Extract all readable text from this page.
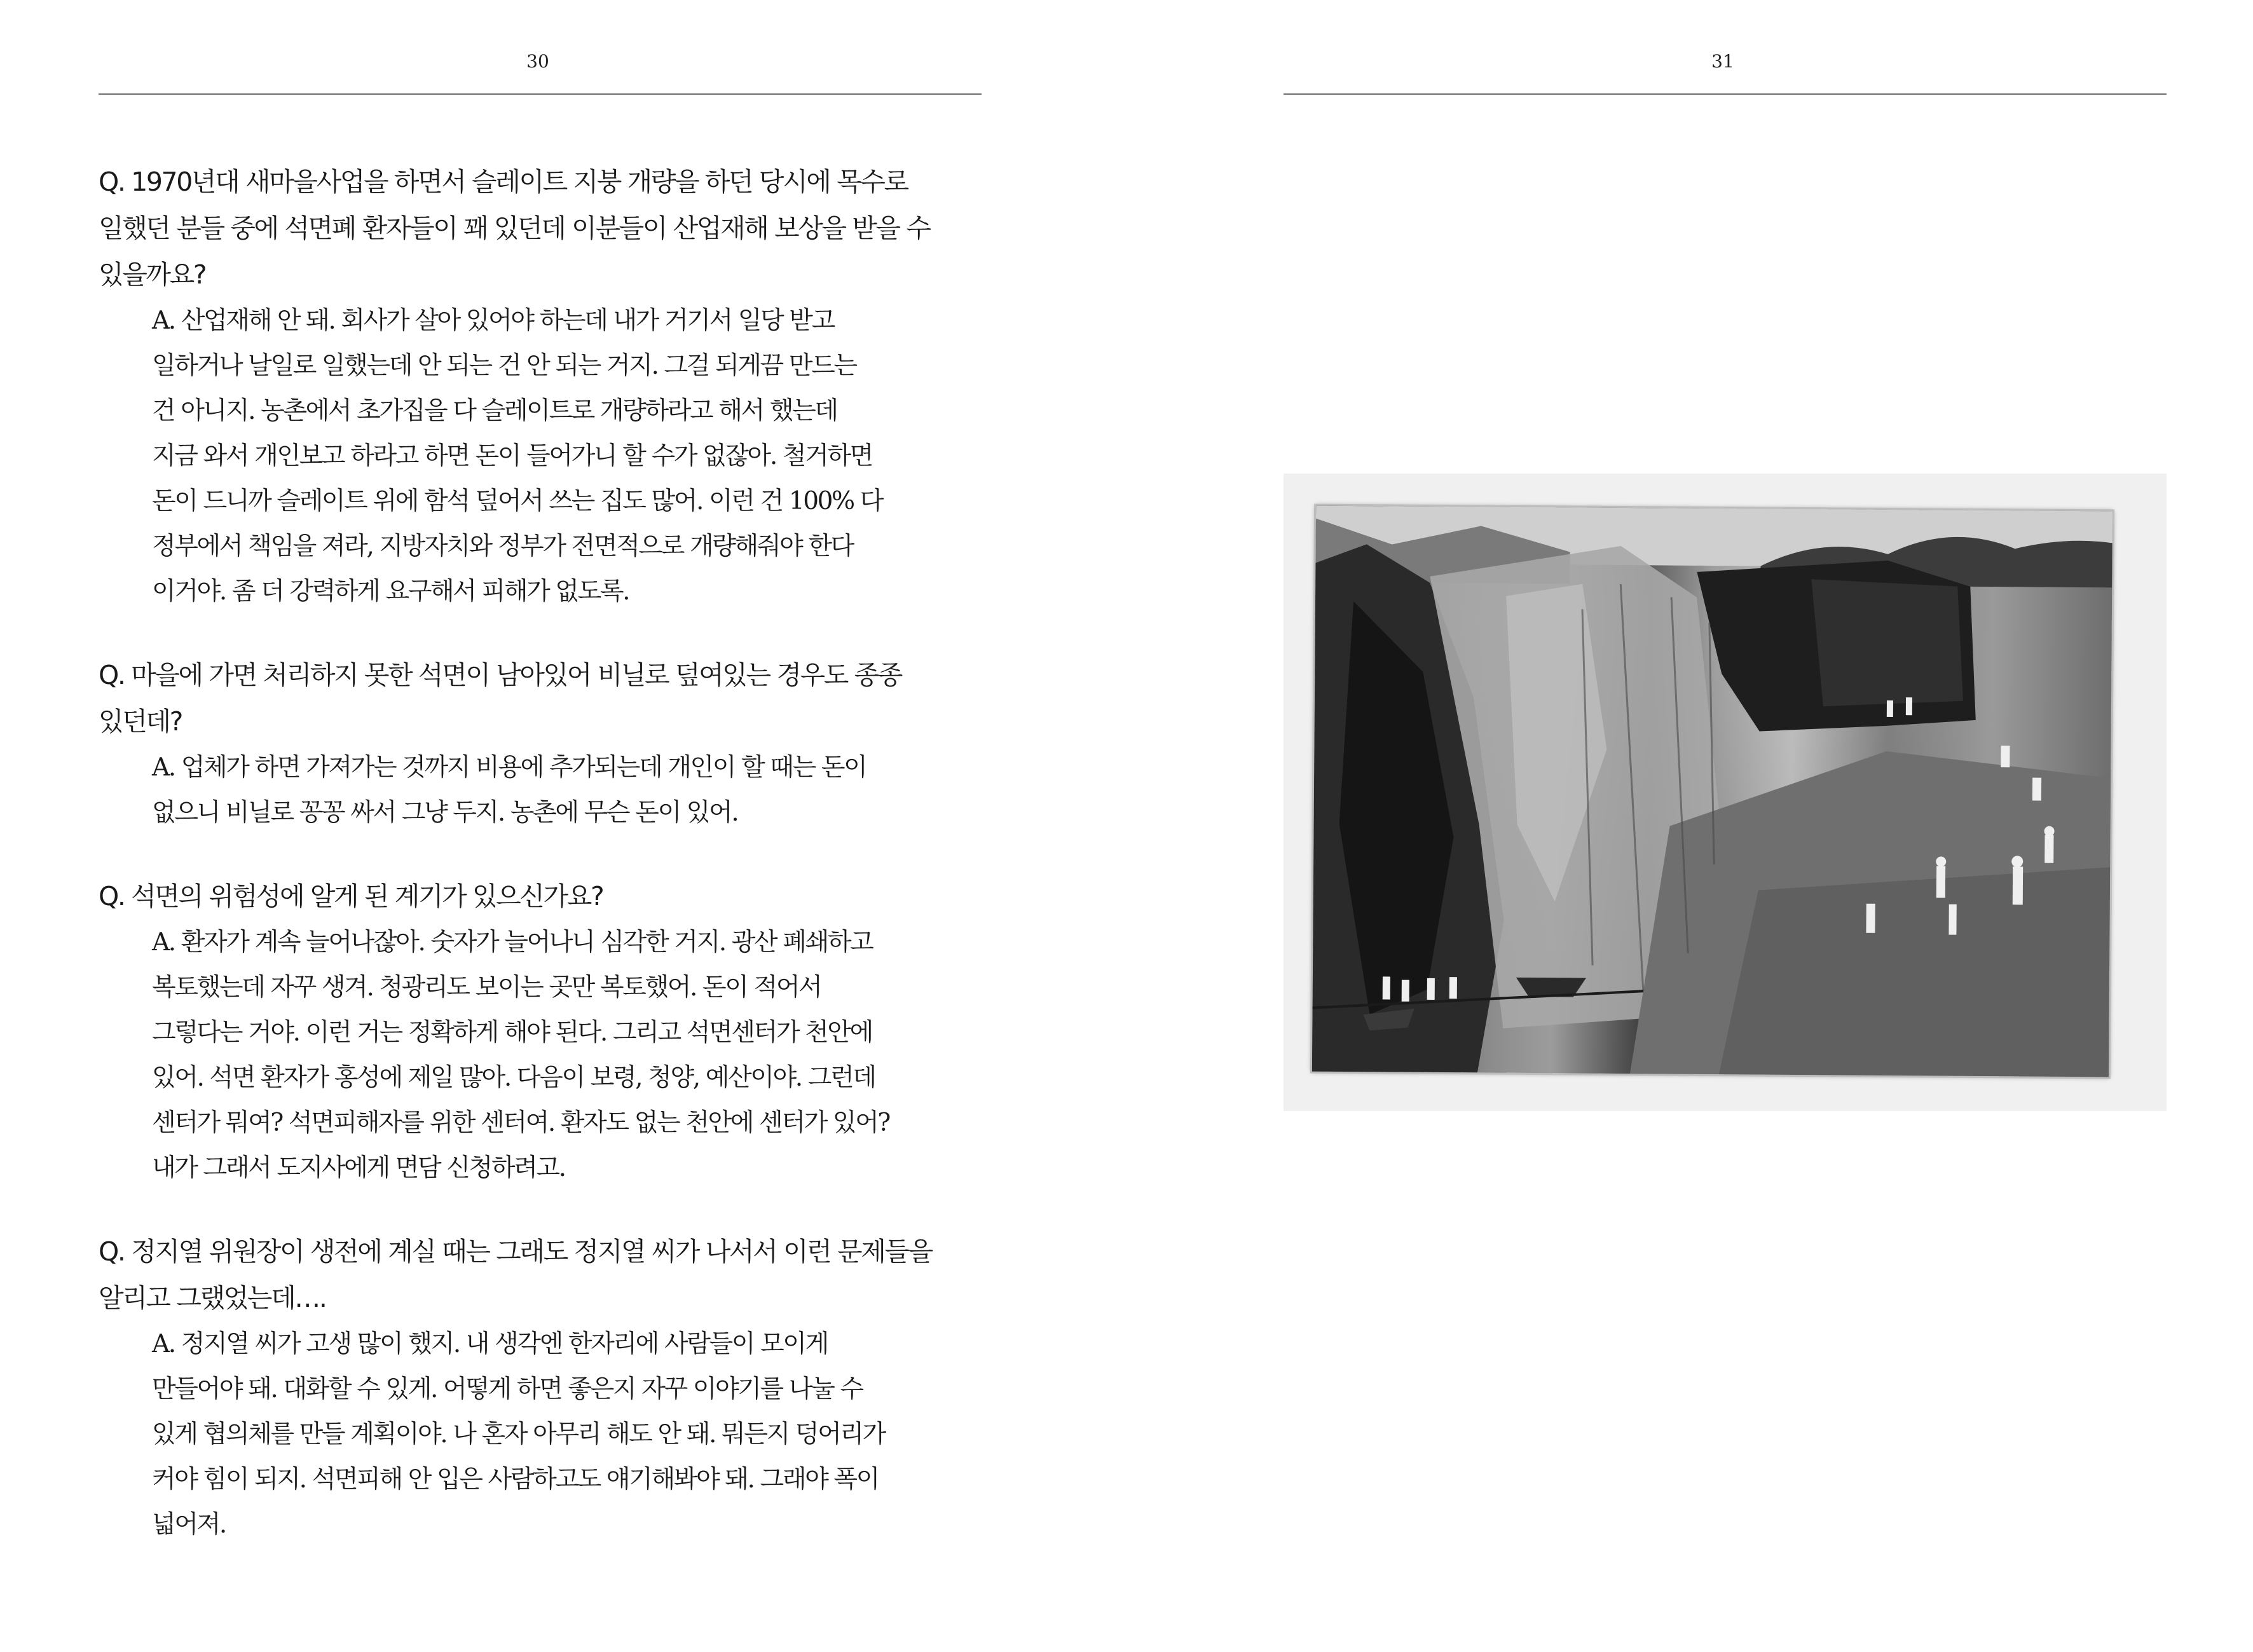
30

Q. 1970년대 새마을사업을 하면서 슬레이트 지붕 개량을 하던 당시에 목수로
일했던 분들 중에 석면폐 환자들이 꽤 있던데 이분들이 산업재해 보상을 받을 수
있을까요?

A. 산업재해 안 돼. 회사가 살아 있어야 하는데 내가 거기서 일당 받고
일하거나 날일로 일했는데 안 되는 건 안 되는 거지. 그걸 되게끔 만드는
건 아니지. 농촌에서 초가집을 다 슬레이트로 개량하라고 해서 했는데
지금 와서 개인보고 하라고 하면 돈이 들어가니 할 수가 없잖아. 철거하면
돈이 드니까 슬레이트 위에 함석 덮어서 쓰는 집도 많어. 이런 건 100% 다
정부에서 책임을 져라, 지방자치와 정부가 전면적으로 개량해줘야 한다
이거야. 좀 더 강력하게 요구해서 피해가 없도록.

Q. 마을에 가면 처리하지 못한 석면이 남아있어 비닐로 덮여있는 경우도 종종
있던데?

A. 업체가 하면 가져가는 것까지 비용에 추가되는데 개인이 할 때는 돈이
없으니 비닐로 꽁꽁 싸서 그냥 두지. 농촌에 무슨 돈이 있어.

Q. 석면의 위험성에 알게 된 계기가 있으신가요?

A. 환자가 계속 늘어나잖아. 숫자가 늘어나니 심각한 거지. 광산 폐쇄하고
복토했는데 자꾸 생겨. 청광리도 보이는 곳만 복토했어. 돈이 적어서
그렇다는 거야. 이런 거는 정확하게 해야 된다. 그리고 석면센터가 천안에
있어. 석면 환자가 홍성에 제일 많아. 다음이 보령, 청양, 예산이야. 그런데
센터가 뭐여? 석면피해자를 위한 센터여. 환자도 없는 천안에 센터가 있어?
내가 그래서 도지사에게 면담 신청하려고.

Q. 정지열 위원장이 생전에 계실 때는 그래도 정지열 씨가 나서서 이런 문제들을
알리고 그랬었는데….

A. 정지열 씨가 고생 많이 했지. 내 생각엔 한자리에 사람들이 모이게
만들어야 돼. 대화할 수 있게. 어떻게 하면 좋은지 자꾸 이야기를 나눌 수
있게 협의체를 만들 계획이야. 나 혼자 아무리 해도 안 돼. 뭐든지 덩어리가
커야 힘이 되지. 석면피해 안 입은 사람하고도 얘기해봐야 돼. 그래야 폭이
넓어져.

31
